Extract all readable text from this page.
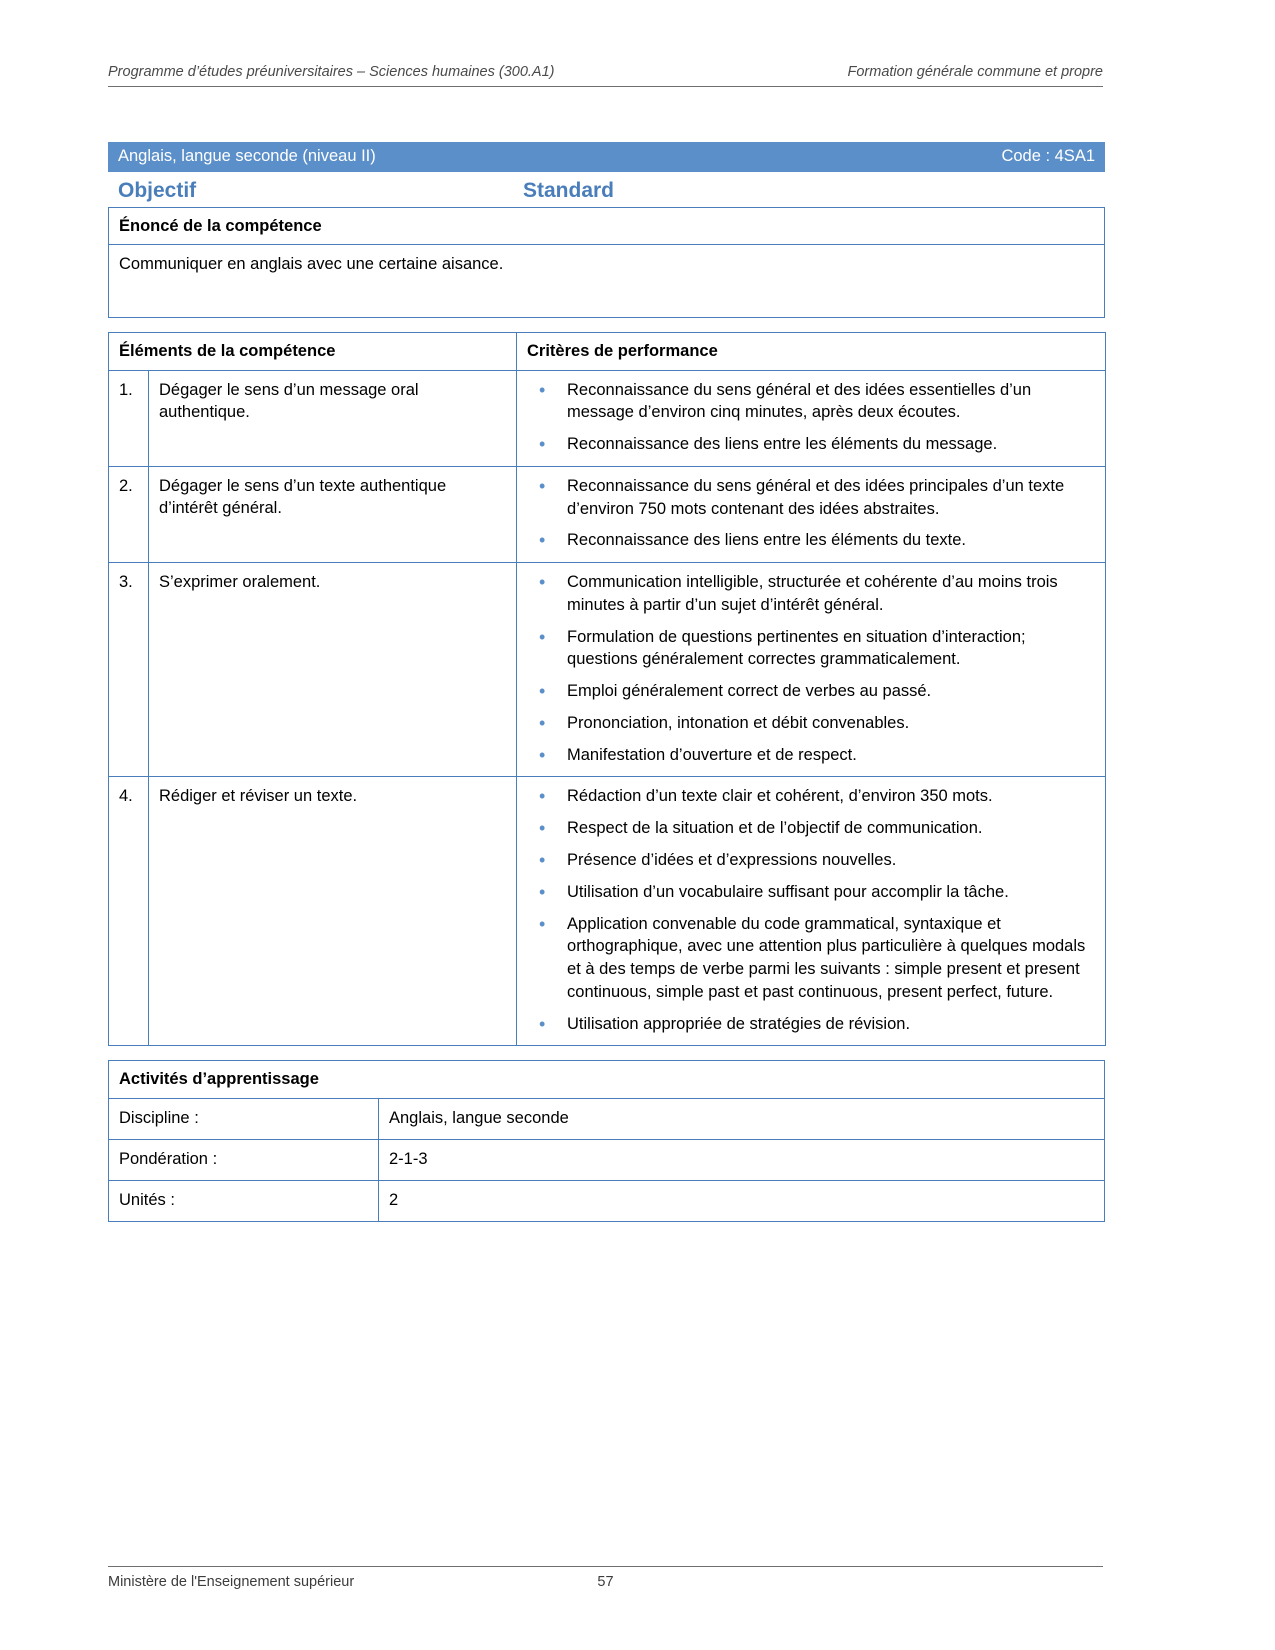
Programme d’études préuniversitaires – Sciences humaines (300.A1)	Formation générale commune et propre
Anglais, langue seconde (niveau II)	Code : 4SA1
Objectif	Standard
Énoncé de la compétence
Communiquer en anglais avec une certaine aisance.
Éléments de la compétence		Critères de performance
1.	Dégager le sens d’un message oral authentique.	
• Reconnaissance du sens général et des idées essentielles d’un message d’environ cinq minutes, après deux écoutes.
• Reconnaissance des liens entre les éléments du message.

2.	Dégager le sens d’un texte authentique d’intérêt général.	
• Reconnaissance du sens général et des idées principales d’un texte d’environ 750 mots contenant des idées abstraites.
• Reconnaissance des liens entre les éléments du texte.

3.	S’exprimer oralement.	
•Communication intelligible, structurée et cohérente d’au moins trois minutes à partir d’un sujet d’intérêt général.
• Formulation de questions pertinentes en situation d’interaction; questions généralement correctes grammaticalement.
• Emploi généralement correct de verbes au passé.
• Prononciation, intonation et débit convenables.
• Manifestation d’ouverture et de respect.

4.	Rédiger et réviser un texte.	
•Rédaction d’un texte clair et cohérent, d’environ 350 mots.
• Respect de la situation et de l’objectif de communication.
• Présence d’idées et d’expressions nouvelles.
• Utilisation d’un vocabulaire suffisant pour accomplir la tâche.
• Application convenable du code grammatical, syntaxique et orthographique, avec une attention plus particulière à quelques modals et à des temps de verbe parmi les suivants : simple present et present continuous, simple past et past continuous, present perfect, future.
• Utilisation appropriée de stratégies de révision.
Activités d’apprentissage	
Discipline :	Anglais, langue seconde
Pondération :	2-1-3
Unités :	2
Ministère de l'Enseignement supérieur	57
